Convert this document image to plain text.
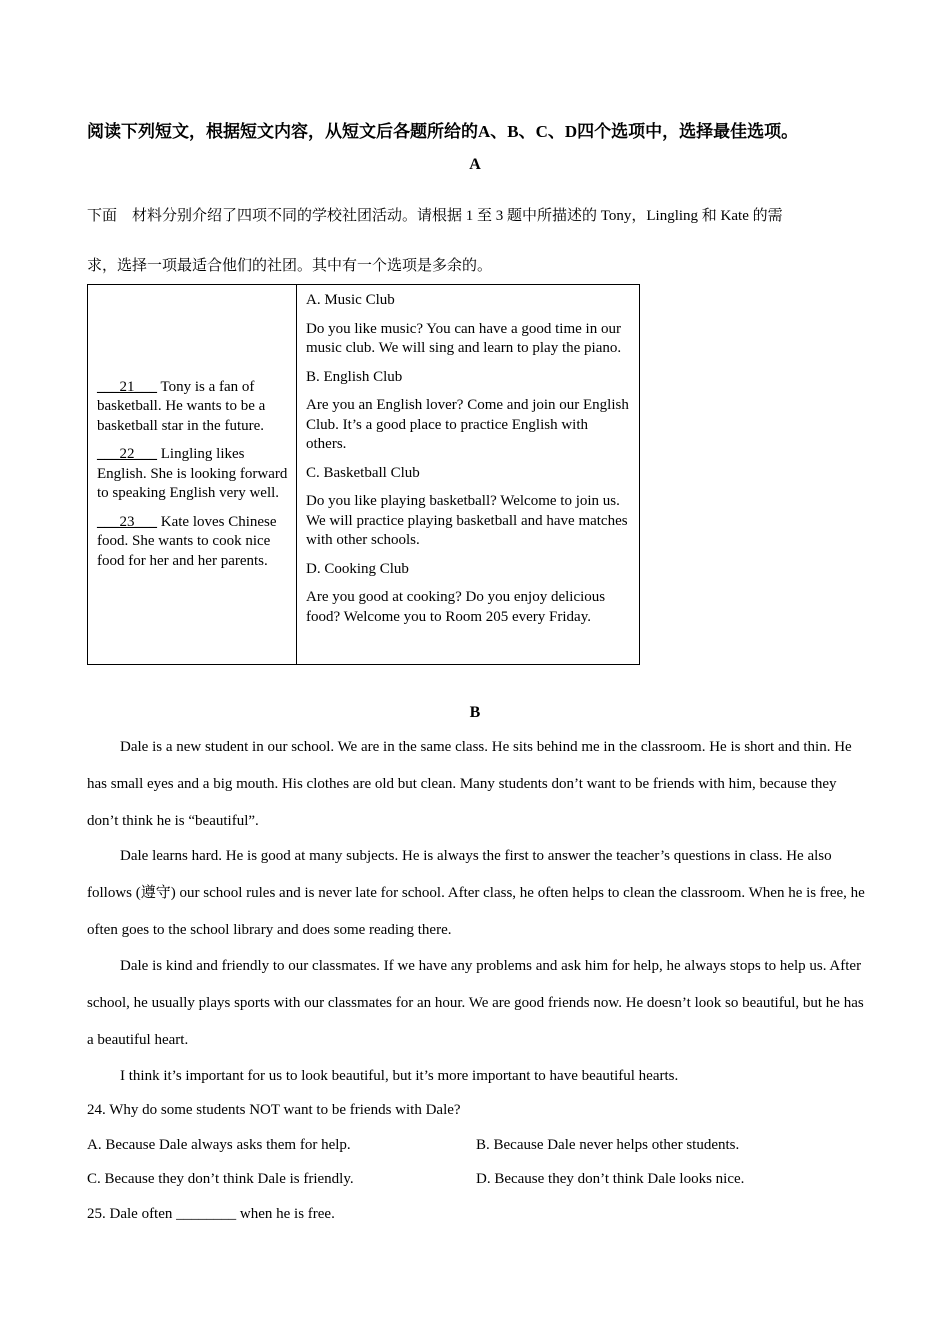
阅读下列短文，根据短文内容，从短文后各题所给的A、B、C、D四个选项中，选择最佳选项。
A
下面　材料分别介绍了四项不同的学校社团活动。请根据 1 至 3 题中所描述的 Tony，Lingling 和 Kate 的需
求，选择一项最适合他们的社团。其中有一个选项是多余的。

___21___ Tony is a fan of basketball. He wants to be a basketball star in the future.

___22___ Lingling likes English. She is looking forward to speaking English very well.

___23___ Kate loves Chinese food. She wants to cook nice food for her and her parents.

A. Music Club

Do you like music? You can have a good time in our music club. We will sing and learn to play the piano.

B. English Club

Are you an English lover? Come and join our English Club. It’s a good place to practice English with others.

C. Basketball Club

Do you like playing basketball? Welcome to join us. We will practice playing basketball and have matches with other schools.

D. Cooking Club

Are you good at cooking? Do you enjoy delicious food? Welcome you to Room 205 every Friday.

B
Dale is a new student in our school. We are in the same class. He sits behind me in the classroom. He is short and thin. He has small eyes and a big mouth. His clothes are old but clean. Many students don’t want to be friends with him, because they don’t think he is “beautiful”.
Dale learns hard. He is good at many subjects. He is always the first to answer the teacher’s questions in class. He also follows (遵守) our school rules and is never late for school. After class, he often helps to clean the classroom. When he is free, he often goes to the school library and does some reading there.
Dale is kind and friendly to our classmates. If we have any problems and ask him for help, he always stops to help us. After school, he usually plays sports with our classmates for an hour. We are good friends now. He doesn’t look so beautiful, but he has a beautiful heart.
I think it’s important for us to look beautiful, but it’s more important to have beautiful hearts.
24. Why do some students NOT want to be friends with Dale?
A. Because Dale always asks them for help.	B. Because Dale never helps other students.
C. Because they don’t think Dale is friendly.	D. Because they don’t think Dale looks nice.
25. Dale often ________ when he is free.
